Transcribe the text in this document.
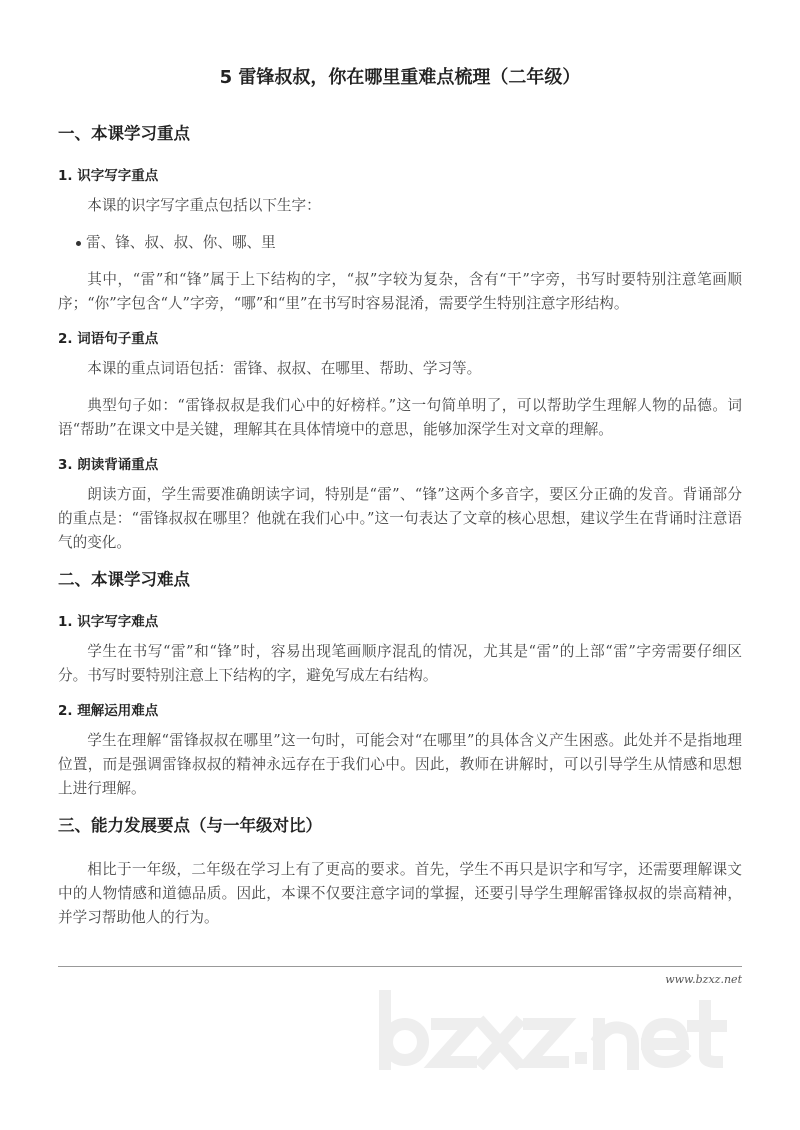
5 雷锋叔叔，你在哪里重难点梳理（二年级）
一、本课学习重点
1. 识字写字重点
本课的识字写字重点包括以下生字：
雷、锋、叔、叔、你、哪、里
其中，“雷”和“锋”属于上下结构的字，“叔”字较为复杂，含有“干”字旁，书写时要特别注意笔画顺序；“你”字包含“人”字旁，“哪”和“里”在书写时容易混淆，需要学生特别注意字形结构。
2. 词语句子重点
本课的重点词语包括：雷锋、叔叔、在哪里、帮助、学习等。
典型句子如：“雷锋叔叔是我们心中的好榜样。”这一句简单明了，可以帮助学生理解人物的品德。词语“帮助”在课文中是关键，理解其在具体情境中的意思，能够加深学生对文章的理解。
3. 朗读背诵重点
朗读方面，学生需要准确朗读字词，特别是“雷”、“锋”这两个多音字，要区分正确的发音。背诵部分的重点是：“雷锋叔叔在哪里？他就在我们心中。”这一句表达了文章的核心思想，建议学生在背诵时注意语气的变化。
二、本课学习难点
1. 识字写字难点
学生在书写“雷”和“锋”时，容易出现笔画顺序混乱的情况，尤其是“雷”的上部“雷”字旁需要仔细区分。书写时要特别注意上下结构的字，避免写成左右结构。
2. 理解运用难点
学生在理解“雷锋叔叔在哪里”这一句时，可能会对“在哪里”的具体含义产生困惑。此处并不是指地理位置，而是强调雷锋叔叔的精神永远存在于我们心中。因此，教师在讲解时，可以引导学生从情感和思想上进行理解。
三、能力发展要点（与一年级对比）
相比于一年级，二年级在学习上有了更高的要求。首先，学生不再只是识字和写字，还需要理解课文中的人物情感和道德品质。因此，本课不仅要注意字词的掌握，还要引导学生理解雷锋叔叔的崇高精神，并学习帮助他人的行为。
www.bzxz.net
